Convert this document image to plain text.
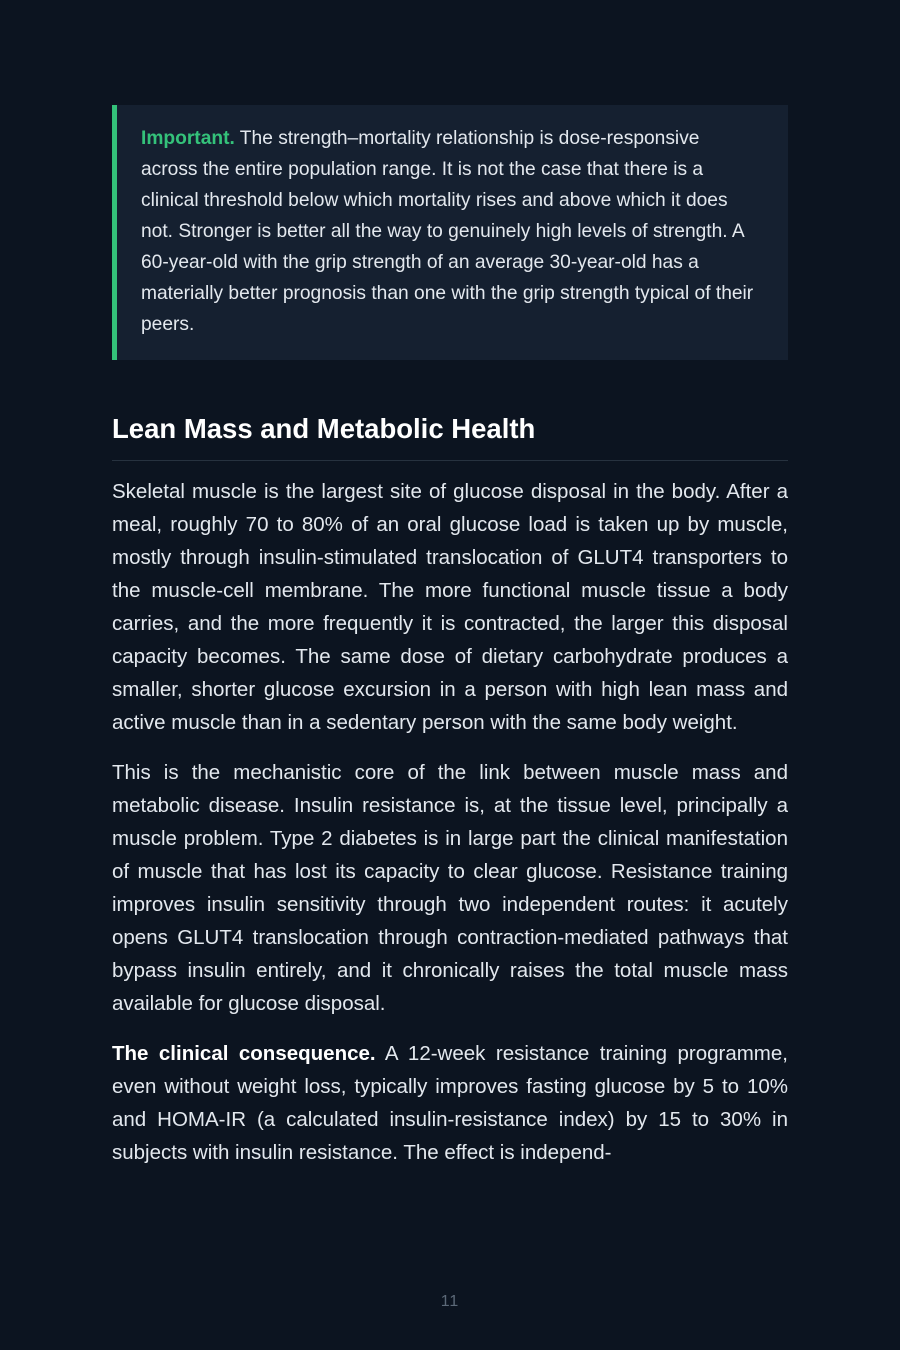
Important. The strength–mortality relationship is dose-responsive across the entire population range. It is not the case that there is a clinical threshold below which mortality rises and above which it does not. Stronger is better all the way to genuinely high levels of strength. A 60-year-old with the grip strength of an average 30-year-old has a materially better prognosis than one with the grip strength typical of their peers.
Lean Mass and Metabolic Health

Skeletal muscle is the largest site of glucose disposal in the body. After a meal, roughly 70 to 80% of an oral glucose load is taken up by muscle, mostly through insulin-stimulated translocation of GLUT4 transporters to the muscle-cell membrane. The more functional muscle tissue a body carries, and the more frequently it is contracted, the larger this disposal capacity becomes. The same dose of dietary carbohydrate produces a smaller, shorter glucose excursion in a person with high lean mass and active muscle than in a sedentary person with the same body weight.

This is the mechanistic core of the link between muscle mass and metabolic disease. Insulin resistance is, at the tissue level, principally a muscle problem. Type 2 diabetes is in large part the clinical manifestation of muscle that has lost its capacity to clear glucose. Resistance training improves insulin sensitivity through two independent routes: it acutely opens GLUT4 translocation through contraction-mediated pathways that bypass insulin entirely, and it chronically raises the total muscle mass available for glucose disposal.

The clinical consequence. A 12-week resistance training programme, even without weight loss, typically improves fasting glucose by 5 to 10% and HOMA-IR (a calculated insulin-resistance index) by 15 to 30% in subjects with insulin resistance. The effect is independ-

11
